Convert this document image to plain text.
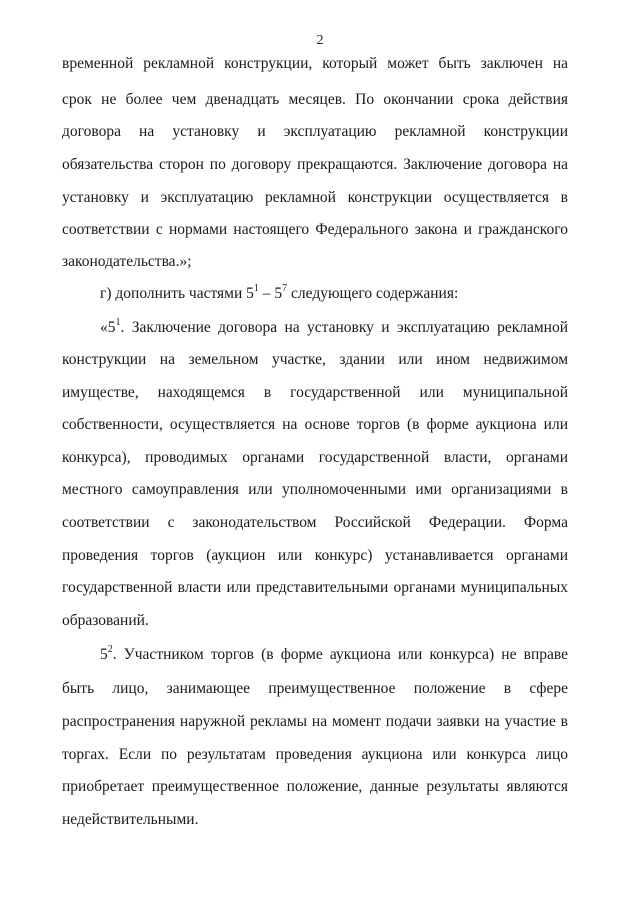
2
временной рекламной конструкции, который может быть заключен на
срок не более чем двенадцать месяцев. По окончании срока действия
договора на установку и эксплуатацию рекламной конструкции
обязательства сторон по договору прекращаются. Заключение договора на
установку и эксплуатацию рекламной конструкции осуществляется в
соответствии с нормами настоящего Федерального закона и гражданского
законодательства.»;
г) дополнить частями $5^1 - 5^7$ следующего содержания:
«$5^1$. Заключение договора на установку и эксплуатацию рекламной
конструкции на земельном участке, здании или ином недвижимом
имуществе, находящемся в государственной или муниципальной
собственности, осуществляется на основе торгов (в форме аукциона или
конкурса), проводимых органами государственной власти, органами
местного самоуправления или уполномоченными ими организациями в
соответствии с законодательством Российской Федерации. Форма
проведения торгов (аукцион или конкурс) устанавливается органами
государственной власти или представительными органами муниципальных
образований.
$5^2$. Участником торгов (в форме аукциона или конкурса) не вправе
быть лицо, занимающее преимущественное положение в сфере
распространения наружной рекламы на момент подачи заявки на участие в
торгах. Если по результатам проведения аукциона или конкурса лицо
приобретает преимущественное положение, данные результаты являются
недействительными.
